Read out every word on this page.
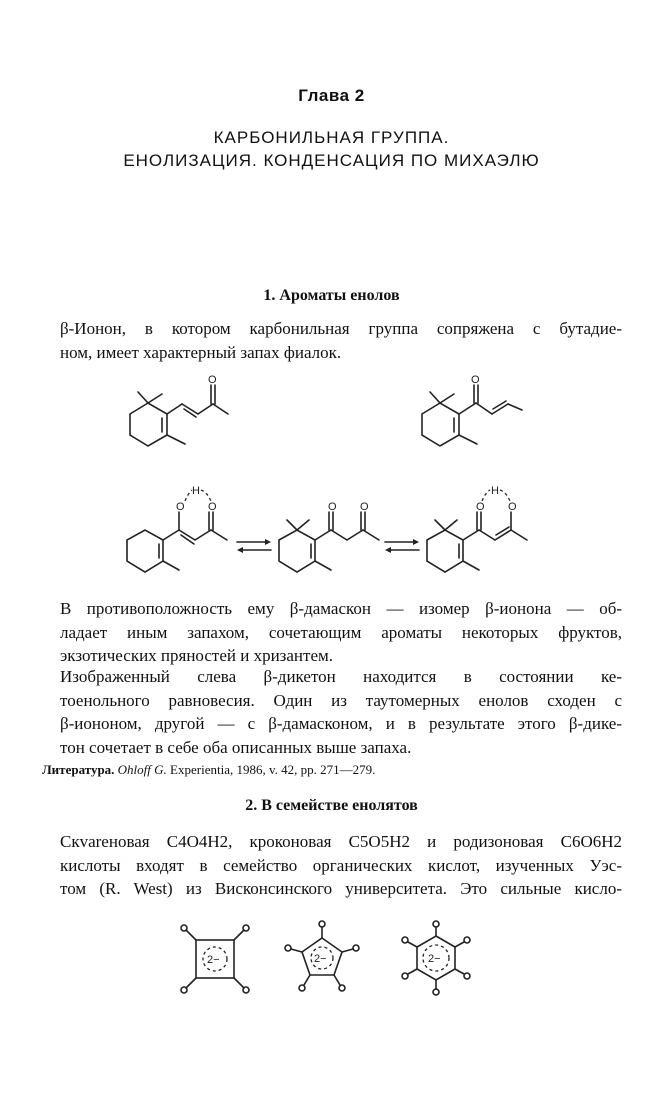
Глава 2
КАРБОНИЛЬНАЯ ГРУППА.
ЕНОЛИЗАЦИЯ. КОНДЕНСАЦИЯ ПО МИХАЭЛЮ
1. Ароматы енолов
β-Ионон, в котором карбонильная группа сопряжена с бутадие-
ном, имеет характерный запах фиалок.
O	O
O O
H
O O	O O
H
В противоположность ему β-дамаскон — изомер β-ионона — об-
ладает иным запахом, сочетающим ароматы некоторых фруктов,
экзотических пряностей и хризантем.
Изображенный слева β-дикетон находится в состоянии ке-
тоенольного равновесия. Один из таутомерных енолов сходен с
β-иононом, другой — с β-дамасконом, и в результате этого β-дике-
тон сочетает в себе оба описанных выше запаха.
Литература. Ohloff G. Experientia, 1986, v. 42, pp. 271—279.
2. В семействе енолятов
Скvareновая C4O4H2, кроконовая C5O5H2 и родизоновая C6O6H2
кислоты входят в семейство органических кислот, изученных Уэс-
том (R. West) из Висконсинского университета. Это сильные кисло-
2−	2−	2−
